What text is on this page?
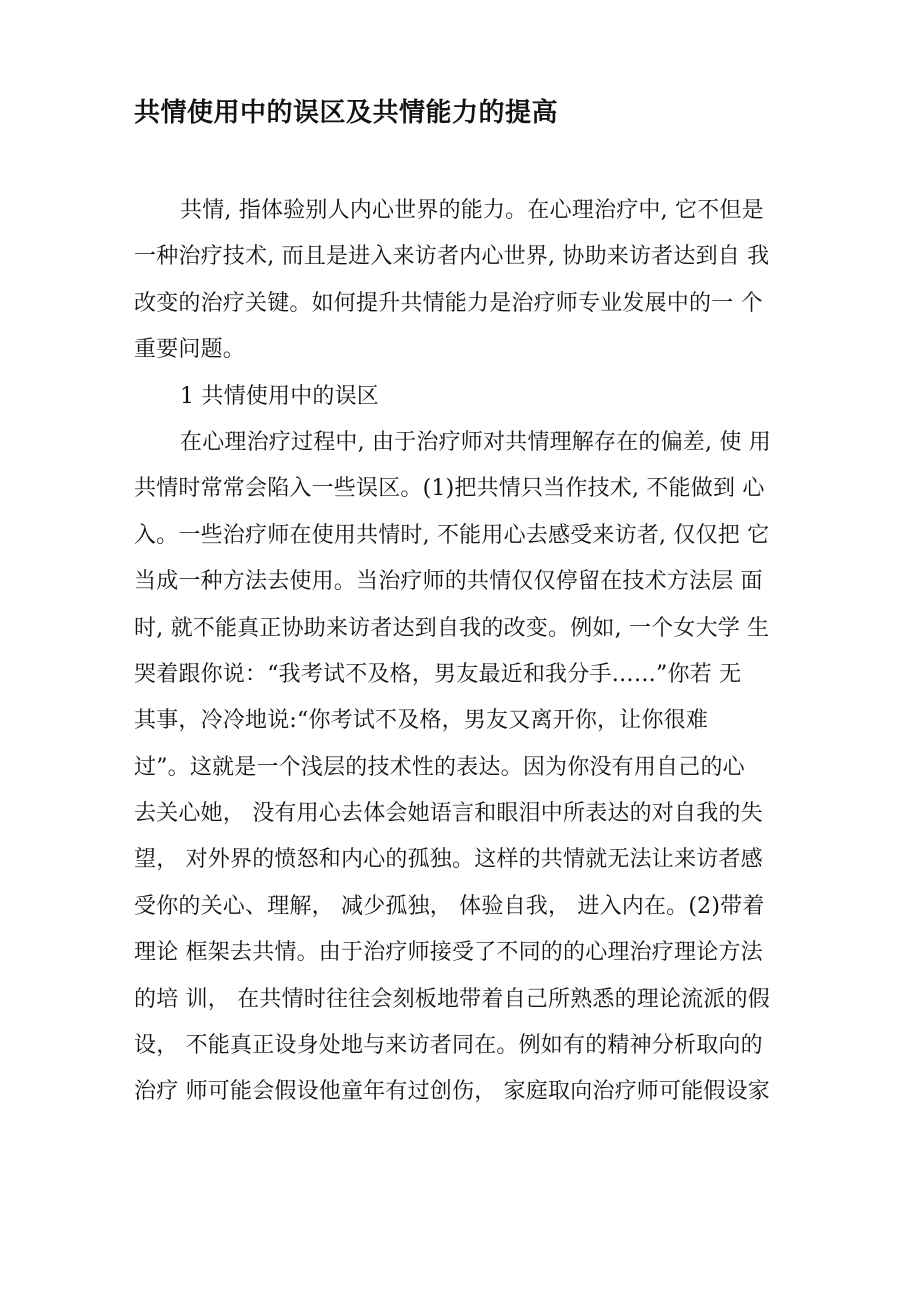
共情使用中的误区及共情能力的提高
共情, 指体验别人内心世界的能力。在心理治疗中, 它不但是
一种治疗技术, 而且是进入来访者内心世界, 协助来访者达到自 我
改变的治疗关键。如何提升共情能力是治疗师专业发展中的一 个
重要问题。
1 共情使用中的误区
在心理治疗过程中, 由于治疗师对共情理解存在的偏差, 使 用
共情时常常会陷入一些误区。(1)把共情只当作技术, 不能做到 心
入。一些治疗师在使用共情时, 不能用心去感受来访者, 仅仅把 它
当成一种方法去使用。当治疗师的共情仅仅停留在技术方法层 面
时, 就不能真正协助来访者达到自我的改变。例如, 一个女大学 生
哭着跟你说：“我考试不及格，男友最近和我分手……”你若 无
其事，冷冷地说:“你考试不及格，男友又离开你，让你很难
过”。这就是一个浅层的技术性的表达。因为你没有用自己的心
去关心她， 没有用心去体会她语言和眼泪中所表达的对自我的失
望， 对外界的愤怒和内心的孤独。这样的共情就无法让来访者感
受你的关心、理解， 减少孤独， 体验自我， 进入内在。(2)带着
理论 框架去共情。由于治疗师接受了不同的的心理治疗理论方法
的培 训， 在共情时往往会刻板地带着自己所熟悉的理论流派的假
设， 不能真正设身处地与来访者同在。例如有的精神分析取向的
治疗 师可能会假设他童年有过创伤， 家庭取向治疗师可能假设家
